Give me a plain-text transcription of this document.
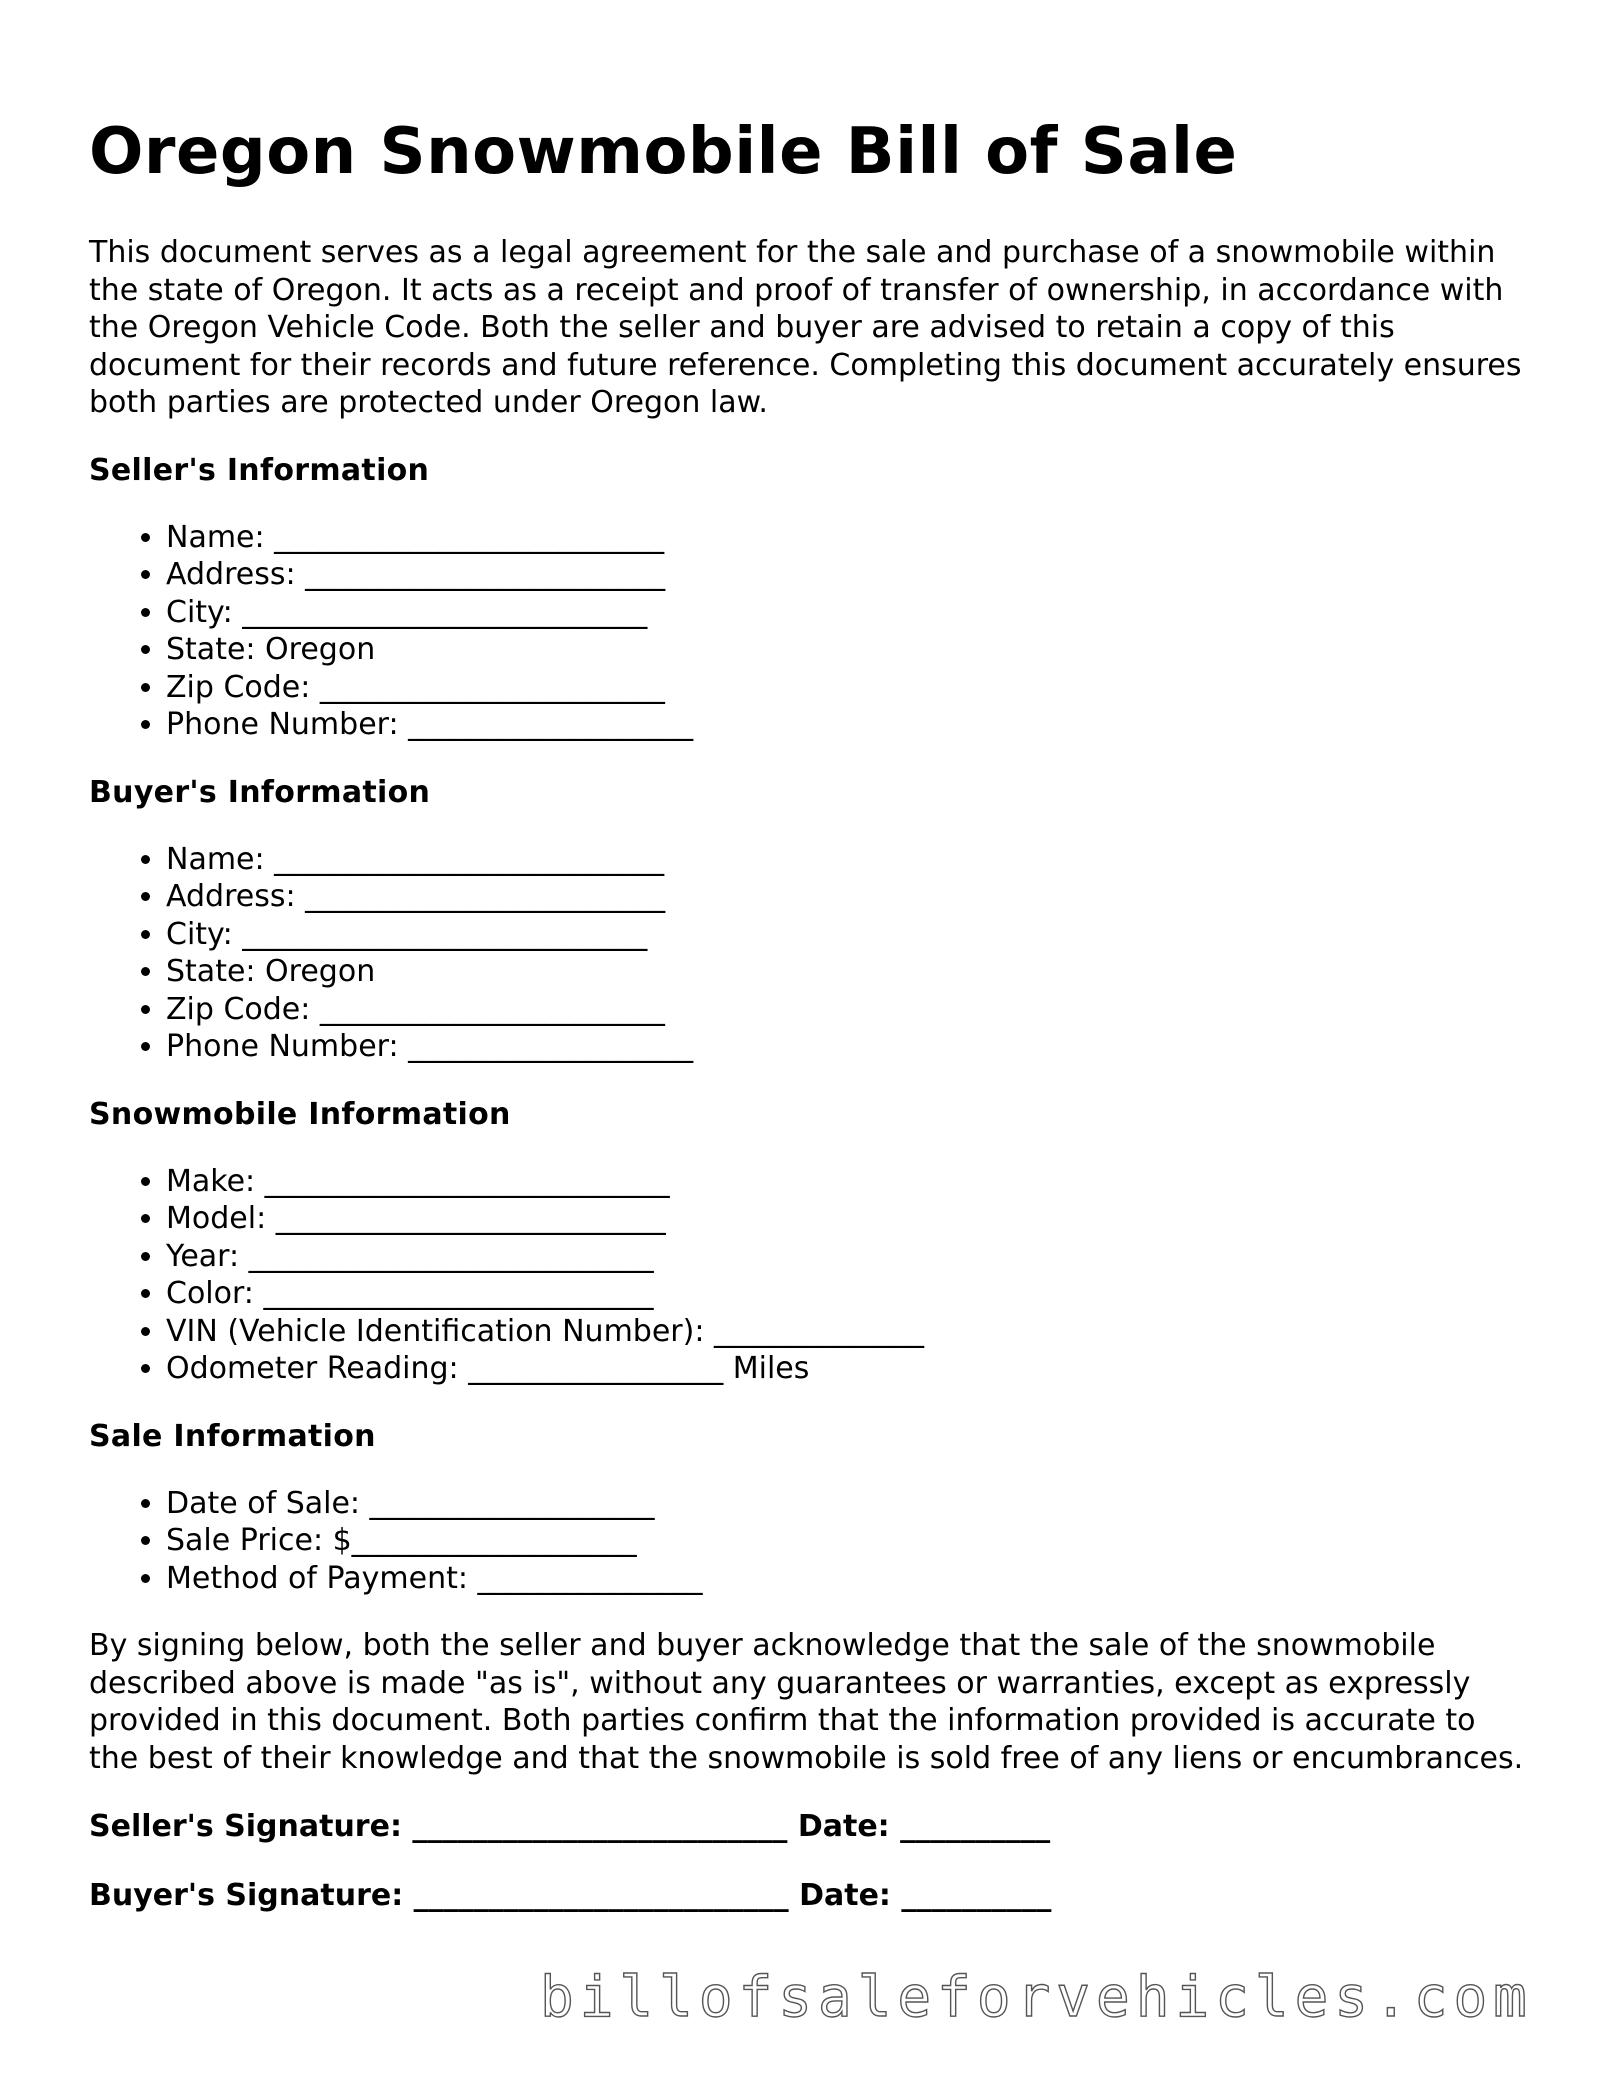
Oregon Snowmobile Bill of Sale

This document serves as a legal agreement for the sale and purchase of a snowmobile within the state of Oregon. It acts as a receipt and proof of transfer of ownership, in accordance with the Oregon Vehicle Code. Both the seller and buyer are advised to retain a copy of this document for their records and future reference. Completing this document accurately ensures both parties are protected under Oregon law.

Seller's Information
• Name: __________________________
• Address: ________________________
• City: ___________________________
• State: Oregon
• Zip Code: _______________________
• Phone Number: ___________________
Buyer's Information
• Name: __________________________
• Address: ________________________
• City: ___________________________
• State: Oregon
• Zip Code: _______________________
• Phone Number: ___________________
Snowmobile Information
• Make: ___________________________
• Model: __________________________
• Year: ___________________________
• Color: __________________________
• VIN (Vehicle Identification Number): ______________
• Odometer Reading: _________________ Miles
Sale Information
• Date of Sale: ___________________
• Sale Price: $___________________
• Method of Payment: _______________

By signing below, both the seller and buyer acknowledge that the sale of the snowmobile described above is made "as is", without any guarantees or warranties, except as expressly provided in this document. Both parties confirm that the information provided is accurate to the best of their knowledge and that the snowmobile is sold free of any liens or encumbrances.

Seller's Signature: _________________________ Date: __________

Buyer's Signature: _________________________ Date: __________

billofsaleforvehicles.com
